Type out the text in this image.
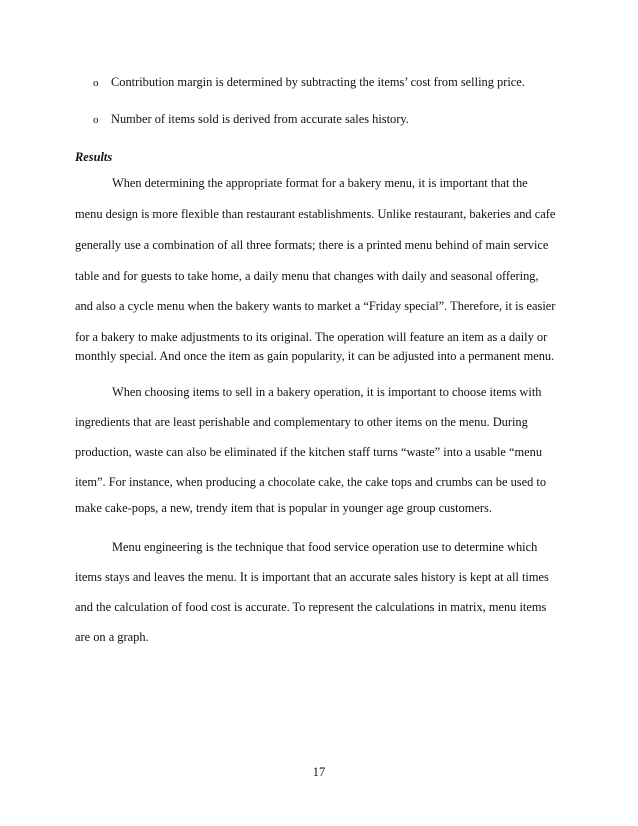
o Contribution margin is determined by subtracting the items’ cost from selling price.
o Number of items sold is derived from accurate sales history.
Results
When determining the appropriate format for a bakery menu, it is important that the
menu design is more flexible than restaurant establishments. Unlike restaurant, bakeries and cafe
generally use a combination of all three formats; there is a printed menu behind of main service
table and for guests to take home, a daily menu that changes with daily and seasonal offering,
and also a cycle menu when the bakery wants to market a “Friday special”. Therefore, it is easier
for a bakery to make adjustments to its original. The operation will feature an item as a daily or
monthly special. And once the item as gain popularity, it can be adjusted into a permanent menu.
When choosing items to sell in a bakery operation, it is important to choose items with
ingredients that are least perishable and complementary to other items on the menu. During
production, waste can also be eliminated if the kitchen staff turns “waste” into a usable “menu
item”. For instance, when producing a chocolate cake, the cake tops and crumbs can be used to
make cake-pops, a new, trendy item that is popular in younger age group customers.
Menu engineering is the technique that food service operation use to determine which
items stays and leaves the menu. It is important that an accurate sales history is kept at all times
and the calculation of food cost is accurate. To represent the calculations in matrix, menu items
are on a graph.
17
